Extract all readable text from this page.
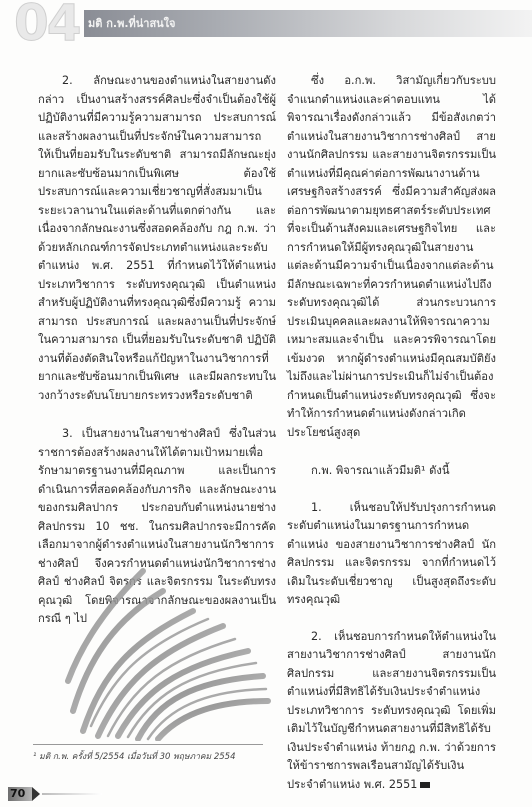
04 มติ ก.พ.ที่น่าสนใจ

2. ลักษณะงานของตำแหน่งในสายงานดังกล่าว เป็นงานสร้างสรรค์ศิลปะซึ่งจำเป็นต้องใช้ผู้ปฏิบัติงานที่มีความรู้ความสามารถ ประสบการณ์ และสร้างผลงานเป็นที่ประจักษ์ในความสามารถ ให้เป็นที่ยอมรับในระดับชาติ สามารถมีลักษณะยุ่งยากและซับซ้อนมากเป็นพิเศษ ต้องใช้ประสบการณ์และความเชี่ยวชาญที่สั่งสมมาเป็นระยะเวลานานในแต่ละด้านที่แตกต่างกัน และเนื่องจากลักษณะงานซึ่งสอดคล้องกับ กฎ ก.พ. ว่าด้วยหลักเกณฑ์การจัดประเภทตำแหน่งและระดับตำแหน่ง พ.ศ. 2551 ที่กำหนดไว้ให้ตำแหน่งประเภทวิชาการ ระดับทรงคุณวุฒิ เป็นตำแหน่งสำหรับผู้ปฏิบัติงานที่ทรงคุณวุฒิซึ่งมีความรู้ ความสามารถ ประสบการณ์ และผลงานเป็นที่ประจักษ์ในความสามารถ เป็นที่ยอมรับในระดับชาติ ปฏิบัติงานที่ต้องตัดสินใจหรือแก้ปัญหาในงานวิชาการที่ยากและซับซ้อนมากเป็นพิเศษ และมีผลกระทบในวงกว้างระดับนโยบายกระทรวงหรือระดับชาติ

3. เป็นสายงานในสาขาช่างศิลป์ ซึ่งในส่วนราชการต้องสร้างผลงานให้ได้ตามเป้าหมายเพื่อรักษามาตรฐานงานที่มีคุณภาพ และเป็นการดำเนินการที่สอดคล้องกับภารกิจ และลักษณะงานของกรมศิลปากร ประกอบกับตำแหน่งนายช่างศิลปกรรม 10 ชช. ในกรมศิลปากรจะมีการคัดเลือกมาจากผู้ดำรงตำแหน่งในสายงานนักวิชาการช่างศิลป์ จึงควรกำหนดตำแหน่งนักวิชาการช่างศิลป์ ช่างศิลป์ จิตรกร และจิตรกรรม ในระดับทรงคุณวุฒิ โดยพิจารณาจากลักษณะของผลงานเป็นกรณี ๆ ไป

ซึ่ง อ.ก.พ. วิสามัญเกี่ยวกับระบบจำแนกตำแหน่งและค่าตอบแทน ได้พิจารณาเรื่องดังกล่าวแล้ว มีข้อสังเกตว่าตำแหน่งในสายงานวิชาการช่างศิลป์ สายงานนักศิลปกรรม และสายงานจิตรกรรมเป็นตำแหน่งที่มีคุณค่าต่อการพัฒนางานด้านเศรษฐกิจสร้างสรรค์ ซึ่งมีความสำคัญส่งผลต่อการพัฒนาตามยุทธศาสตร์ระดับประเทศที่จะเป็นด้านสังคมและเศรษฐกิจไทย และการกำหนดให้มีผู้ทรงคุณวุฒิในสายงานแต่ละด้านมีความจำเป็นเนื่องจากแต่ละด้านมีลักษณะเฉพาะที่ควรกำหนดตำแหน่งไปถึงระดับทรงคุณวุฒิได้ ส่วนกระบวนการประเมินบุคคลและผลงานให้พิจารณาความเหมาะสมและจำเป็น และควรพิจารณาโดยเข้มงวด หากผู้ดำรงตำแหน่งมีคุณสมบัติยังไม่ถึงและไม่ผ่านการประเมินก็ไม่จำเป็นต้องกำหนดเป็นตำแหน่งระดับทรงคุณวุฒิ ซึ่งจะทำให้การกำหนดตำแหน่งดังกล่าวเกิดประโยชน์สูงสุด

ก.พ. พิจารณาแล้วมีมติ¹ ดังนี้

1. เห็นชอบให้ปรับปรุงการกำหนดระดับตำแหน่งในมาตรฐานการกำหนดตำแหน่ง ของสายงานวิชาการช่างศิลป์ นักศิลปกรรม และจิตรกรรม จากที่กำหนดไว้เดิมในระดับเชี่ยวชาญ เป็นสูงสุดถึงระดับทรงคุณวุฒิ

2. เห็นชอบการกำหนดให้ตำแหน่งในสายงานวิชาการช่างศิลป์ สายงานนักศิลปกรรม และสายงานจิตรกรรมเป็นตำแหน่งที่มีสิทธิได้รับเงินประจำตำแหน่งประเภทวิชาการ ระดับทรงคุณวุฒิ โดยเพิ่มเติมไว้ในบัญชีกำหนดสายงานที่มีสิทธิได้รับเงินประจำตำแหน่ง ท้ายกฎ ก.พ. ว่าด้วยการให้ข้าราชการพลเรือนสามัญได้รับเงินประจำตำแหน่ง พ.ศ. 2551

¹ มติ ก.พ. ครั้งที่ 5/2554 เมื่อวันที่ 30 พฤษภาคม 2554
70
